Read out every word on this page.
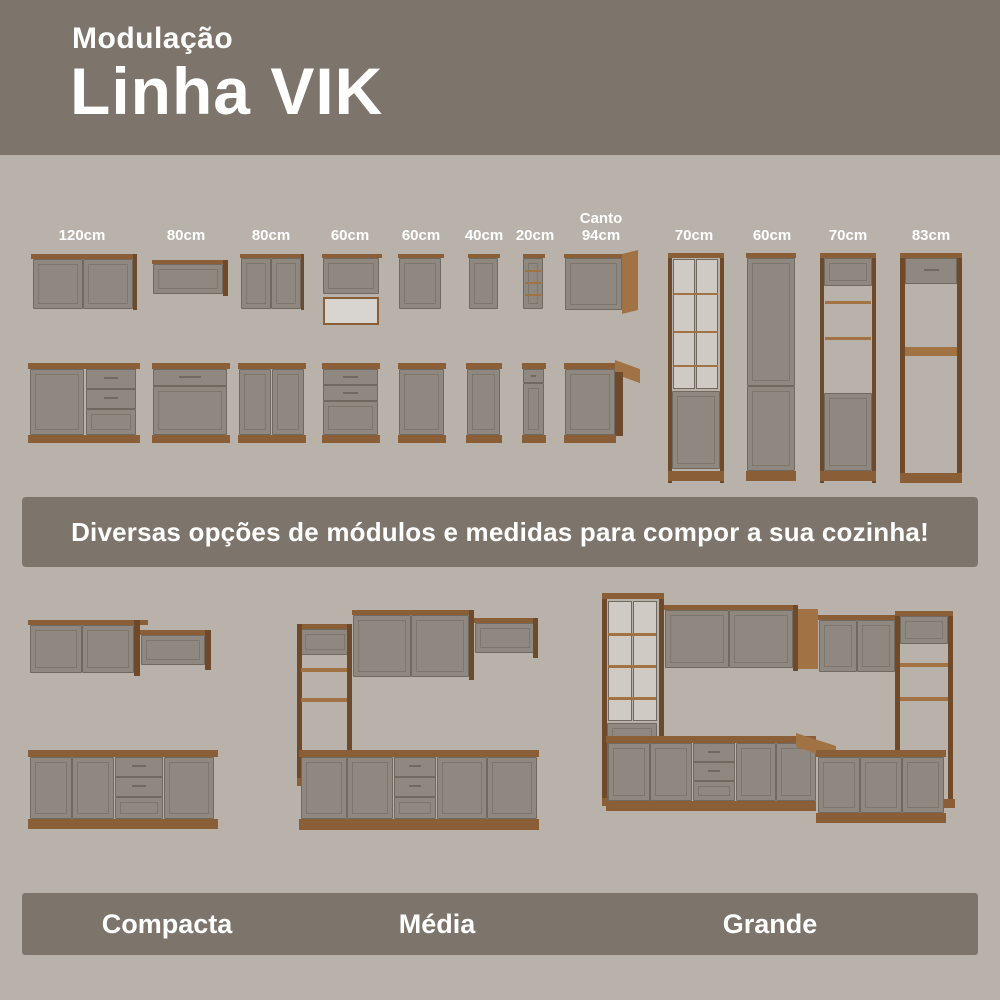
Modulação
Linha VIK
120cm	80cm	80cm	60cm	60cm	40cm 20cm
Canto
94cm	70cm	60cm	70cm	83cm
Diversas opções de módulos e medidas para compor a sua cozinha!
Compacta	Média	Grande
